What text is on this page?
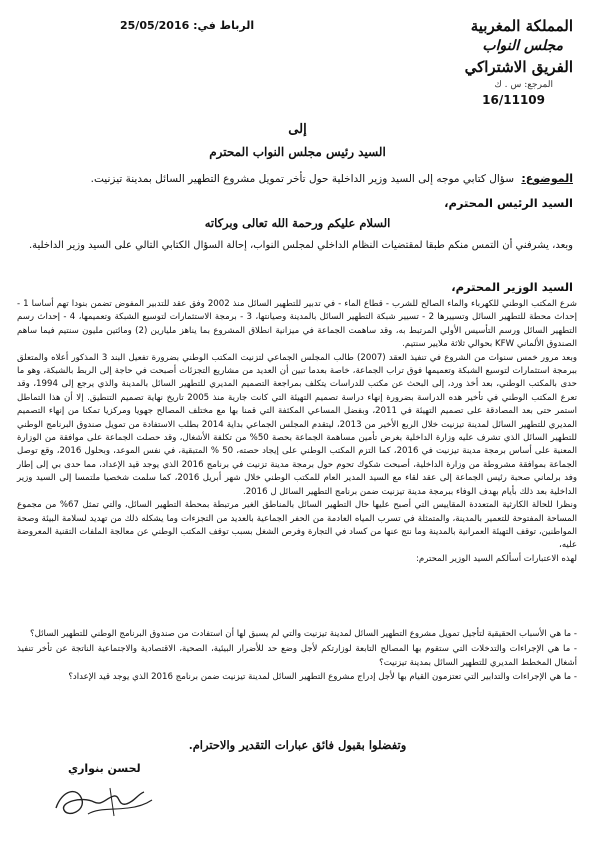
المملكة المغربية
مجلس النواب
الفريق الاشتراكي
المرجع: س . ك
16/11109
الرباط في: 25/05/2016
إلى
السيد رئيس مجلس النواب المحترم
الموضوع: سؤال كتابي موجه إلى السيد وزير الداخلية حول تأخر تمويل مشروع التطهير السائل بمدينة تيزنيت.
السيد الرئيس المحترم،
السلام عليكم ورحمة الله تعالى وبركاته
وبعد، يشرفني أن التمس منكم طبقا لمقتضيات النظام الداخلي لمجلس النواب، إحالة السؤال الكتابي التالي على السيد وزير الداخلية.
السيد الوزير المحترم،

شرع المكتب الوطني للكهرباء والماء الصالح للشرب - قطاع الماء - في تدبير للتطهير السائل منذ 2002 وفق عقد للتدبير المفوض تضمن بنودا تهم أساسا 1 - إحداث محطة للتطهير السائل وتسييرها 2 - تسيير شبكة التطهير السائل بالمدينة وصيانتها، 3 - برمجة الاستثمارات لتوسيع الشبكة وتعميمها، 4 - إحداث رسم التطهير السائل ورسم التأسيس الأولي المرتبط به، وقد ساهمت الجماعة في ميزانية انطلاق المشروع بما يناهز مليارين (2) ومائتين مليون سنتيم فيما ساهم الصندوق الألماني KFW بحوالي ثلاثة ملايير سنتيم.

وبعد مرور خمس سنوات من الشروع في تنفيذ العقد (2007) طالب المجلس الجماعي لتزنيت المكتب الوطني بضرورة تفعيل البند 3 المذكور أعلاه والمتعلق ببرمجة استثمارات لتوسيع الشبكة وتعميمها فوق تراب الجماعة، خاصة بعدما تبين أن العديد من مشاريع التجزئات أصبحت في حاجة إلى الربط بالشبكة، وهو ما حدى بالمكتب الوطني، بعد أخذ ورد، إلى البحث عن مكتب للدراسات يتكلف بمراجعة التصميم المديري للتطهير السائل بالمدينة والذي يرجع إلى 1994، وقد تعرع المكتب الوطني في تأخير هده الدراسة بضرورة إنهاء دراسة تصميم التهيئة التي كانت جارية منذ 2005 تاريخ نهاية تصميم التنطيق. إلا أن هذا التماطل استمر حتى بعد المصادقة على تصميم التهيئة في 2011، وبفضل المساعي المكثفة التي قمنا بها مع مختلف المصالح جهويا ومركزيا تمكنا من إنهاء التصميم المديري للتطهير السائل لمدينة تيزنيت خلال الربع الأخير من 2013، ليتقدم المجلس الجماعي بداية 2014 بطلب الاستفادة من تمويل صندوق البرنامج الوطني للتطهير السائل الذي تشرف عليه وزارة الداخلية بغرض تأمين مساهمة الجماعة بحصة 50% من تكلفة الأشغال، وقد حصلت الجماعة على موافقة من الوزارة المعنية على أساس برمجة مدينة تيزنيت في 2016، كما التزم المكتب الوطني على إيجاد حصته، 50 % المتبقية، في نفس الموعد، وبحلول 2016، وقع توصل الجماعة بموافقة مشروطة من وزارة الداخلية، أصبحت شكوك تحوم حول برمجة مدينة تزنيت في برنامج 2016 الذي يوجد قيد الإعداد، مما حدى بي إلى إطار وفد برلماني صحبة رئيس الجماعة إلى عقد لقاء مع السيد المدير العام للمكتب الوطني خلال شهر أبريل 2016، كما سلمت شخصيا ملتمسا إلى السيد وزير الداخلية بعد ذلك بأيام بهدف الوفاء ببرمجة مدينة تيزنيت ضمن برنامج التطهير السائل ل 2016.

ونظرا للحالة الكارثية المتعددة المقاييس التي أصبح عليها حال التطهير السائل بالمناطق الغير مرتبطة بمحطة التطهير السائل، والتي تمثل 67% من مجموع المساحة المفتوحة للتعمير بالمدينة، والمتمثلة في تسرب المياه العادمة من الحفر الجماعية بالعديد من التجزءات وما يشكله ذلك من تهديد لسلامة البيئة وصحة المواطنين، توقف التهيئة العمرانية بالمدينة وما نتج عنها من كساد في التجارة وفرص الشغل بسبب توقف المكتب الوطني عن معالجة الملفات التقنية المعروضة عليه،

لهذه الاعتبارات أسألكم السيد الوزير المحترم:

- ما هي الأسباب الحقيقية لتأجيل تمويل مشروع التطهير السائل لمدينة تيزنيت والتي لم يسبق لها أن استفادت من صندوق البرنامج الوطني للتطهير السائل؟

- ما هي الإجراءات والتدخلات التي ستقوم بها المصالح التابعة لوزارتكم لأجل وضع حد للأضرار البيئية، الصحية، الاقتصادية والاجتماعية الناتجة عن تأخر تنفيذ أشغال المخطط المديري للتطهير السائل بمدينة تيزنيت؟

- ما هي الإجراءات والتدابير التي تعتزمون القيام بها لأجل إدراج مشروع التطهير السائل لمدينة تيزنيت ضمن برنامج 2016 الذي يوجد قيد الإعداد؟

وتفضلوا بقبول فائق عبارات التقدير والاحترام.
لحسن بنواري
